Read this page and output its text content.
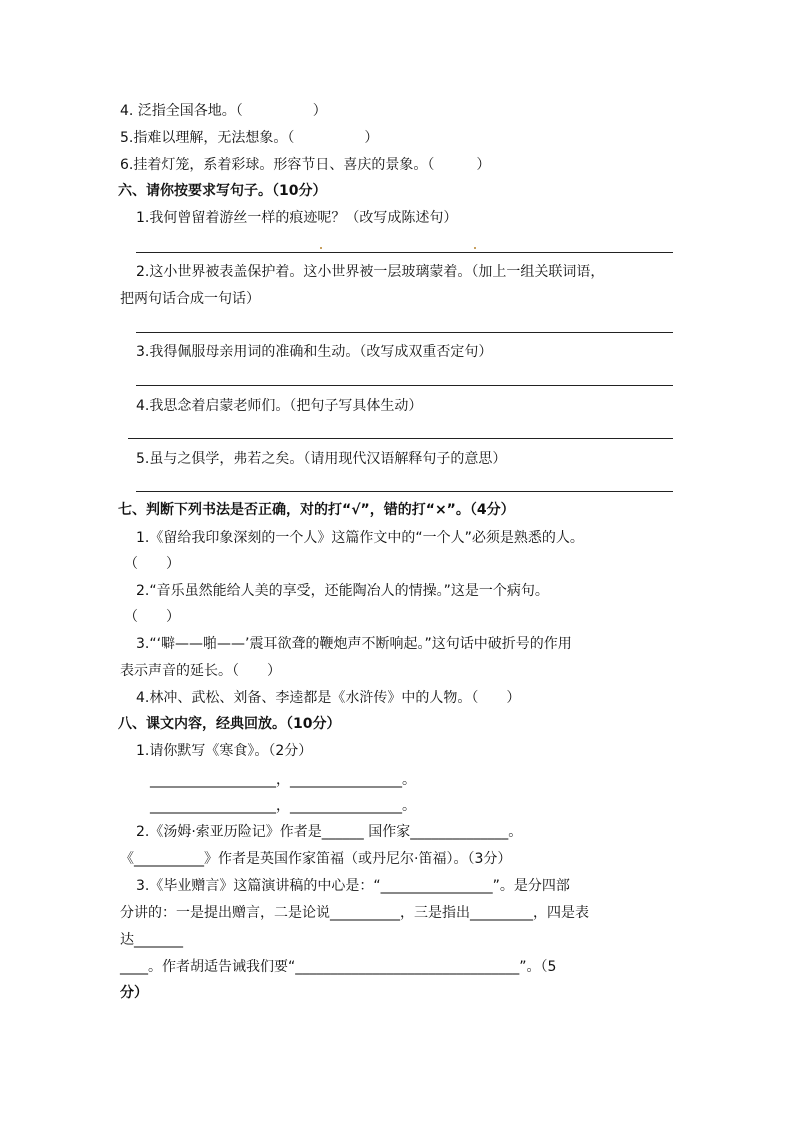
4. 泛指全国各地。（　　　　　）
5.指难以理解，无法想象。（　　　　　）
6.挂着灯笼，系着彩球。形容节日、喜庆的景象。（　　　）
六、请你按要求写句子。（10分）
1.我何曾留着游丝一样的痕迹呢？（改写成陈述句）
2.这小世界被表盖保护着。这小世界被一层玻璃蒙着。（加上一组关联词语，
把两句话合成一句话）
3.我得佩服母亲用词的准确和生动。（改写成双重否定句）
4.我思念着启蒙老师们。（把句子写具体生动）
5.虽与之俱学，弗若之矣。（请用现代汉语解释句子的意思）
七、判断下列书法是否正确，对的打“√”，错的打“×”。（4分）
1.《留给我印象深刻的一个人》这篇作文中的“一个人”必须是熟悉的人。
（　　）
2.“音乐虽然能给人美的享受，还能陶冶人的情操。”这是一个病句。
（　　）
3.“‘噼——啪——’震耳欲聋的鞭炮声不断响起。”这句话中破折号的作用
表示声音的延长。（　　）
4.林冲、武松、刘备、李逵都是《水浒传》中的人物。（　　）
八、课文内容，经典回放。（10分）
1.请你默写《寒食》。（2分）
__________________，________________。
__________________，________________。
2.《汤姆·索亚历险记》作者是______ 国作家______________。
《__________》作者是英国作家笛福（或丹尼尔·笛福）。（3分）
3.《毕业赠言》这篇演讲稿的中心是：“________________”。是分四部
分讲的：一是提出赠言，二是论说__________，三是指出_________，四是表
达_______
____。作者胡适告诫我们要“________________________________”。（5
分）
